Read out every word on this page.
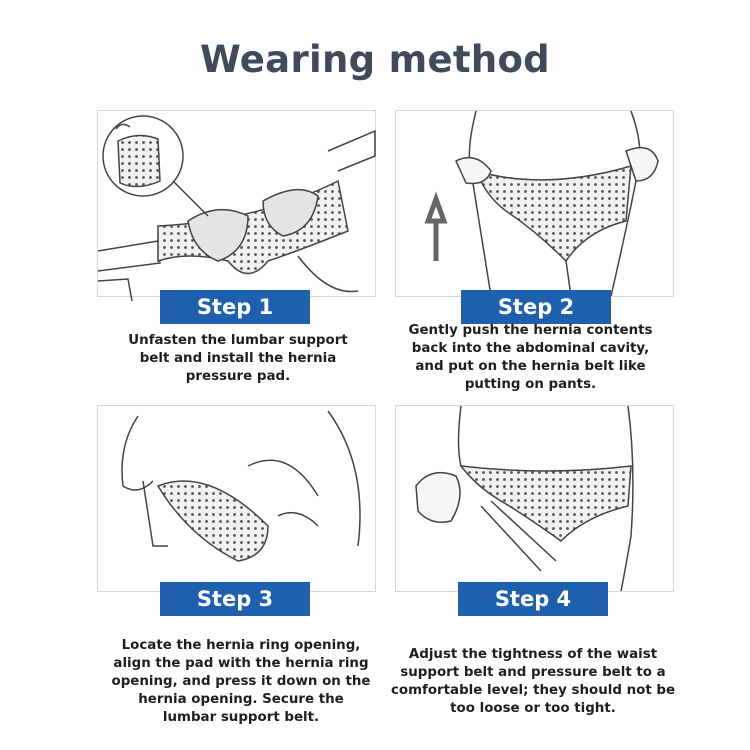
Wearing method
Step 1
Unfasten the lumbar support belt and install the hernia pressure pad.
Step 2
Gently push the hernia contents back into the abdominal cavity, and put on the hernia belt like putting on pants.
Step 3
Locate the hernia ring opening, align the pad with the hernia ring opening, and press it down on the hernia opening. Secure the lumbar support belt.
Step 4
Adjust the tightness of the waist support belt and pressure belt to a comfortable level; they should not be too loose or too tight.
